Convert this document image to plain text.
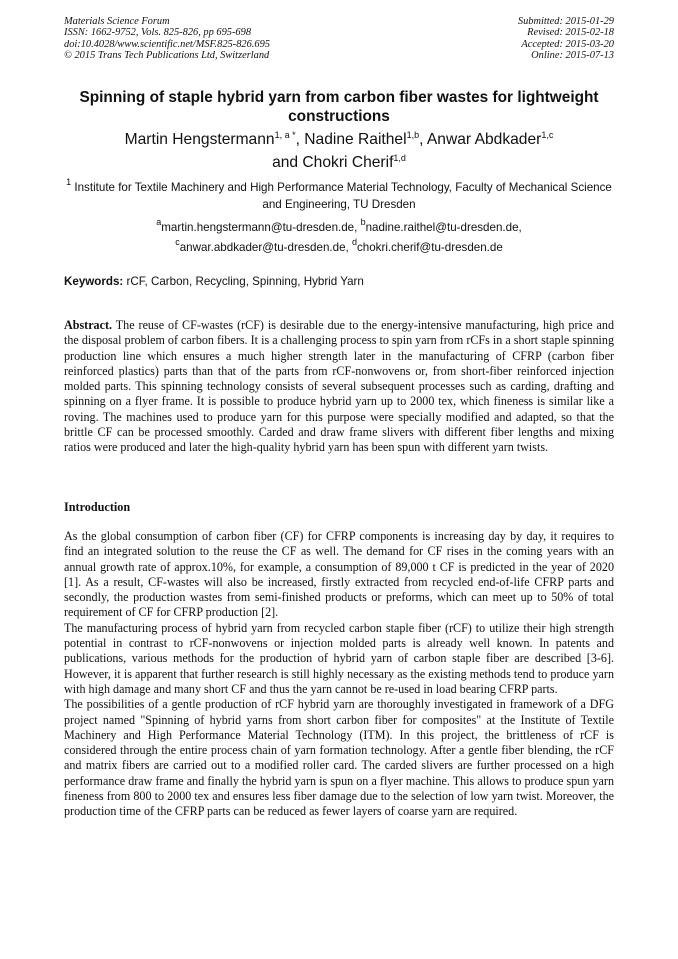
Materials Science Forum
ISSN: 1662-9752, Vols. 825-826, pp 695-698
doi:10.4028/www.scientific.net/MSF.825-826.695
© 2015 Trans Tech Publications Ltd, Switzerland
Submitted: 2015-01-29
Revised: 2015-02-18
Accepted: 2015-03-20
Online: 2015-07-13
Spinning of staple hybrid yarn from carbon fiber wastes for lightweight constructions
Martin Hengstermann$^{1, a *}$, Nadine Raithel$^{1,b}$, Anwar Abdkader$^{1,c}$
and Chokri Cherif$^{1,d}$
$^1$ Institute for Textile Machinery and High Performance Material Technology, Faculty of Mechanical Science and Engineering, TU Dresden
$^a$martin.hengstermann@tu-dresden.de, $^b$nadine.raithel@tu-dresden.de,
$^c$anwar.abdkader@tu-dresden.de, $^d$chokri.cherif@tu-dresden.de
Keywords: rCF, Carbon, Recycling, Spinning, Hybrid Yarn
Abstract. The reuse of CF-wastes (rCF) is desirable due to the energy-intensive manufacturing, high price and the disposal problem of carbon fibers. It is a challenging process to spin yarn from rCFs in a short staple spinning production line which ensures a much higher strength later in the manufacturing of CFRP (carbon fiber reinforced plastics) parts than that of the parts from rCF-nonwovens or, from short-fiber reinforced injection molded parts. This spinning technology consists of several subsequent processes such as carding, drafting and spinning on a flyer frame. It is possible to produce hybrid yarn up to 2000 tex, which fineness is similar like a roving. The machines used to produce yarn for this purpose were specially modified and adapted, so that the brittle CF can be processed smoothly. Carded and draw frame slivers with different fiber lengths and mixing ratios were produced and later the high-quality hybrid yarn has been spun with different yarn twists.
Introduction

As the global consumption of carbon fiber (CF) for CFRP components is increasing day by day, it requires to find an integrated solution to the reuse the CF as well. The demand for CF rises in the coming years with an annual growth rate of approx.10%, for example, a consumption of 89,000 t CF is predicted in the year of 2020 [1]. As a result, CF-wastes will also be increased, firstly extracted from recycled end-of-life CFRP parts and secondly, the production wastes from semi-finished products or preforms, which can meet up to 50% of total requirement of CF for CFRP production [2].

The manufacturing process of hybrid yarn from recycled carbon staple fiber (rCF) to utilize their high strength potential in contrast to rCF-nonwovens or injection molded parts is already well known. In patents and publications, various methods for the production of hybrid yarn of carbon staple fiber are described [3-6]. However, it is apparent that further research is still highly necessary as the existing methods tend to produce yarn with high damage and many short CF and thus the yarn cannot be re-used in load bearing CFRP parts.

The possibilities of a gentle production of rCF hybrid yarn are thoroughly investigated in framework of a DFG project named "Spinning of hybrid yarns from short carbon fiber for composites" at the Institute of Textile Machinery and High Performance Material Technology (ITM). In this project, the brittleness of rCF is considered through the entire process chain of yarn formation technology. After a gentle fiber blending, the rCF and matrix fibers are carried out to a modified roller card. The carded slivers are further processed on a high performance draw frame and finally the hybrid yarn is spun on a flyer machine. This allows to produce spun yarn fineness from 800 to 2000 tex and ensures less fiber damage due to the selection of low yarn twist. Moreover, the production time of the CFRP parts can be reduced as fewer layers of coarse yarn are required.
